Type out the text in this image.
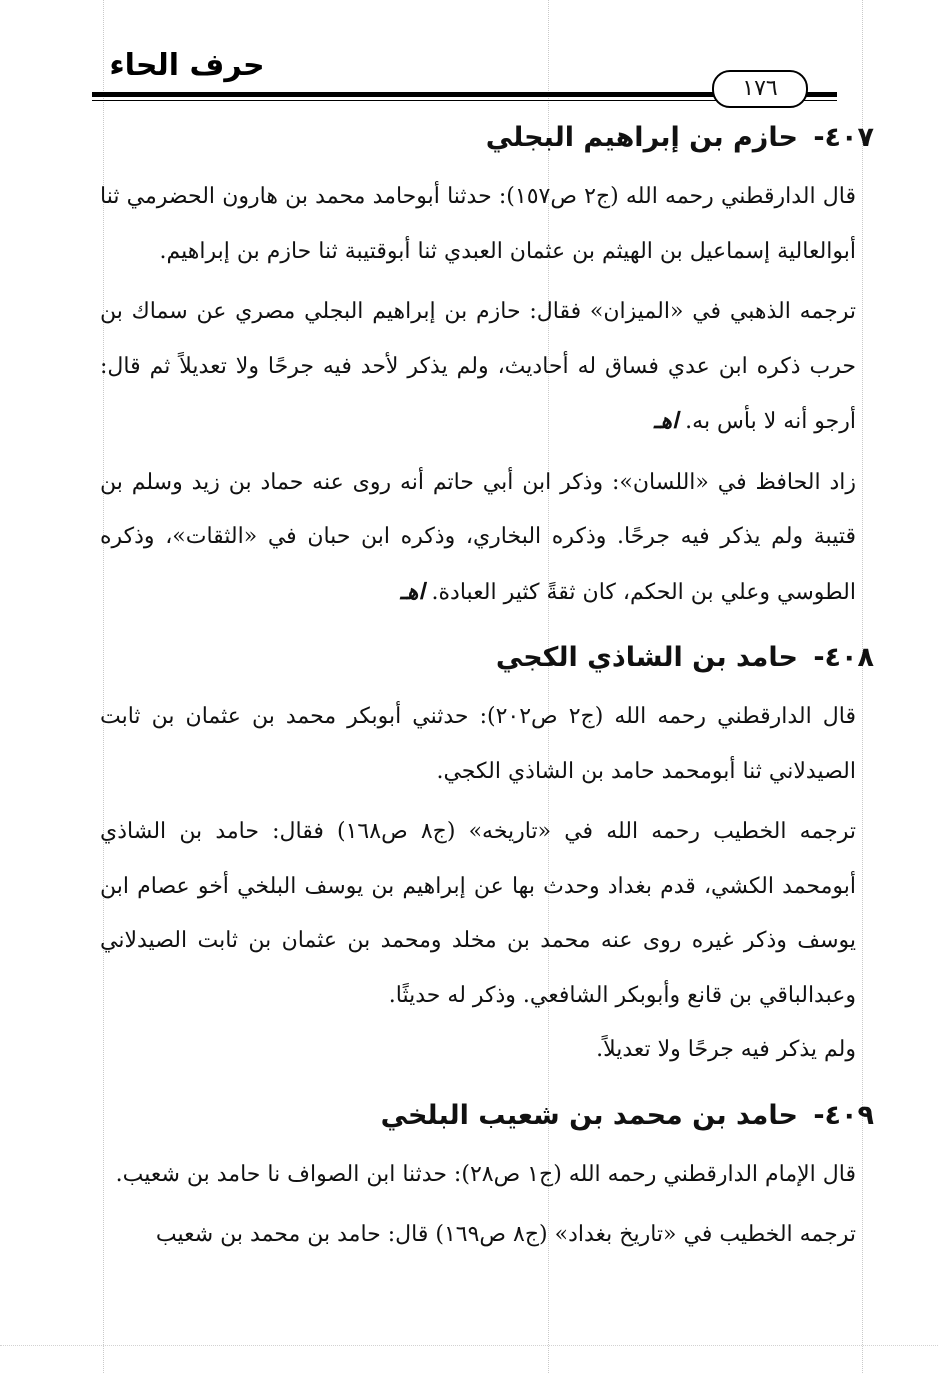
حرف الحاء
١٧٦
٤٠٧- حازم بن إبراهيم البجلي

قال الدارقطني رحمه الله (ج٢ ص١٥٧): حدثنا أبوحامد محمد بن هارون الحضرمي ثنا أبوالعالية إسماعيل بن الهيثم بن عثمان العبدي ثنا أبوقتيبة ثنا حازم بن إبراهيم.

ترجمه الذهبي في «الميزان» فقال: حازم بن إبراهيم البجلي مصري عن سماك بن حرب ذكره ابن عدي فساق له أحاديث، ولم يذكر لأحد فيه جرحًا ولا تعديلاً ثم قال: أرجو أنه لا بأس به. اهـ

زاد الحافظ في «اللسان»: وذكر ابن أبي حاتم أنه روى عنه حماد بن زيد وسلم بن قتيبة ولم يذكر فيه جرحًا. وذكره البخاري، وذكره ابن حبان في «الثقات»، وذكره الطوسي وعلي بن الحكم، كان ثقةً كثير العبادة. اهـ

٤٠٨- حامد بن الشاذي الكجي

قال الدارقطني رحمه الله (ج٢ ص٢٠٢): حدثني أبوبكر محمد بن عثمان بن ثابت الصيدلاني ثنا أبومحمد حامد بن الشاذي الكجي.

ترجمه الخطيب رحمه الله في «تاريخه» (ج٨ ص١٦٨) فقال: حامد بن الشاذي أبومحمد الكشي، قدم بغداد وحدث بها عن إبراهيم بن يوسف البلخي أخو عصام ابن يوسف وذكر غيره روى عنه محمد بن مخلد ومحمد بن عثمان بن ثابت الصيدلاني وعبدالباقي بن قانع وأبوبكر الشافعي. وذكر له حديثًا.

ولم يذكر فيه جرحًا ولا تعديلاً.

٤٠٩- حامد بن محمد بن شعيب البلخي

قال الإمام الدارقطني رحمه الله (ج١ ص٢٨): حدثنا ابن الصواف نا حامد بن شعيب.

ترجمه الخطيب في «تاريخ بغداد» (ج٨ ص١٦٩) قال: حامد بن محمد بن شعيب
